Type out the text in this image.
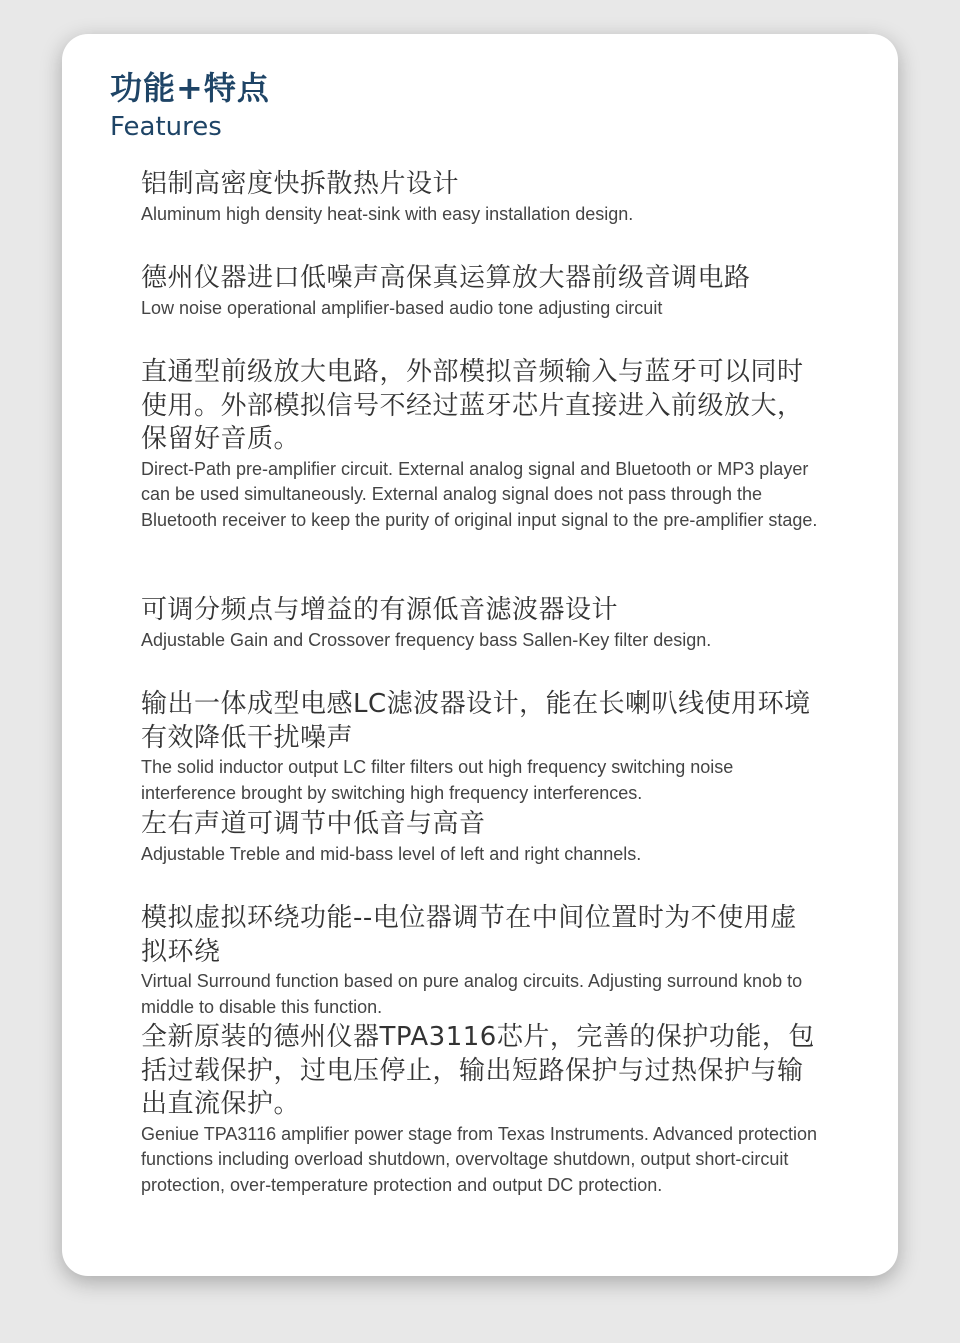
功能+特点
Features
铝制高密度快拆散热片设计
Aluminum high density heat-sink with easy installation design.
德州仪器进口低噪声高保真运算放大器前级音调电路
Low noise operational amplifier-based audio tone adjusting circuit
直通型前级放大电路，外部模拟音频输入与蓝牙可以同时使用。外部模拟信号不经过蓝牙芯片直接进入前级放大，保留好音质。
Direct-Path pre-amplifier circuit. External analog signal and Bluetooth or MP3 player can be used simultaneously. External analog signal does not pass through the Bluetooth receiver to keep the purity of original input signal to the pre-amplifier stage.
可调分频点与增益的有源低音滤波器设计
Adjustable Gain and Crossover frequency bass Sallen-Key filter design.
输出一体成型电感LC滤波器设计，能在长喇叭线使用环境有效降低干扰噪声
The solid inductor output LC filter filters out high frequency switching noise interference brought by switching high frequency interferences.
左右声道可调节中低音与高音
Adjustable Treble and mid-bass level of left and right channels.
模拟虚拟环绕功能--电位器调节在中间位置时为不使用虚拟环绕
Virtual Surround function based on pure analog circuits. Adjusting surround knob to middle to disable this function.
全新原装的德州仪器TPA3116芯片，完善的保护功能，包括过载保护，过电压停止，输出短路保护与过热保护与输出直流保护。
Geniue TPA3116 amplifier power stage from Texas Instruments. Advanced protection functions including overload shutdown, overvoltage shutdown, output short-circuit protection, over-temperature protection and output DC protection.
